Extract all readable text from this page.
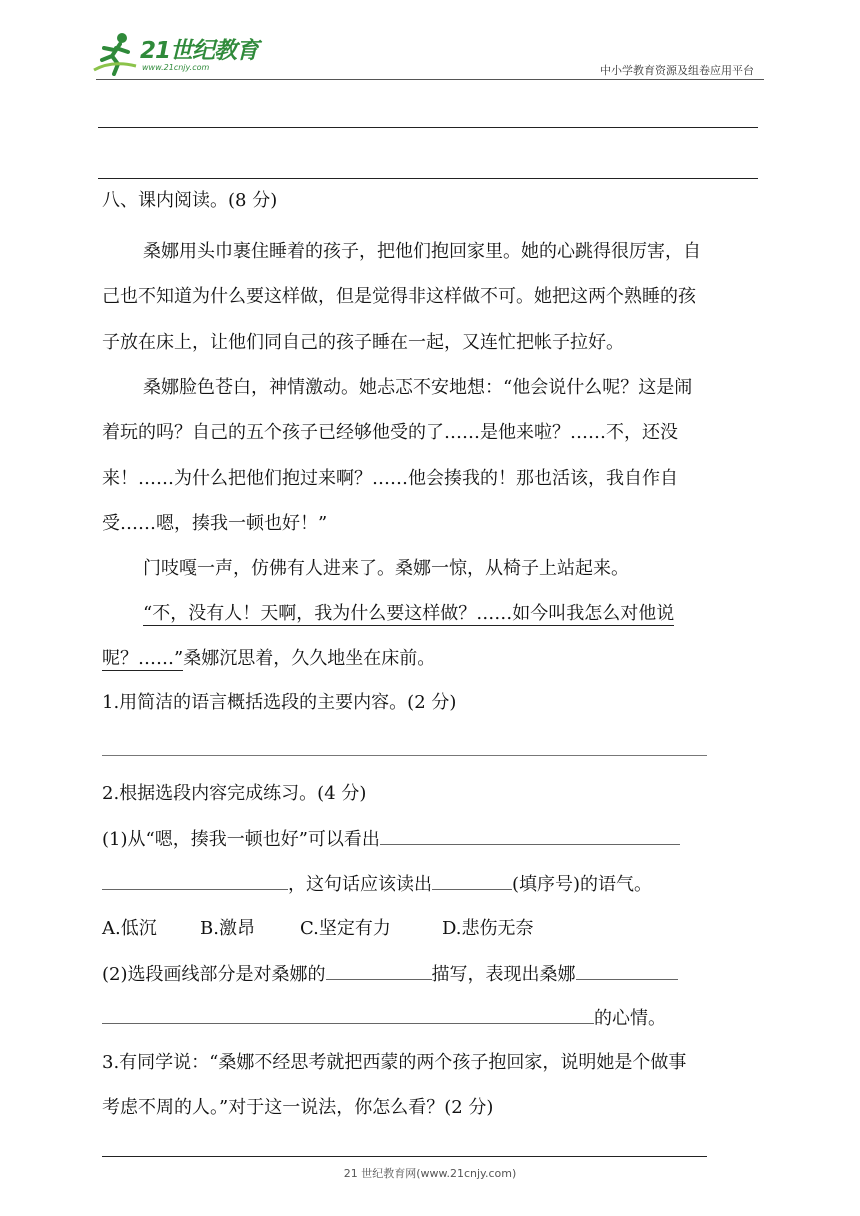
21世纪教育
www.21cnjy.com	中小学教育资源及组卷应用平台
八、课内阅读。(8 分)
桑娜用头巾裹住睡着的孩子，把他们抱回家里。她的心跳得很厉害，自
己也不知道为什么要这样做，但是觉得非这样做不可。她把这两个熟睡的孩
子放在床上，让他们同自己的孩子睡在一起，又连忙把帐子拉好。
桑娜脸色苍白，神情激动。她忐忑不安地想：“他会说什么呢？这是闹
着玩的吗？自己的五个孩子已经够他受的了……是他来啦？……不，还没
来！……为什么把他们抱过来啊？……他会揍我的！那也活该，我自作自
受……嗯，揍我一顿也好！”
门吱嘎一声，仿佛有人进来了。桑娜一惊，从椅子上站起来。
“不，没有人！天啊，我为什么要这样做？……如今叫我怎么对他说
呢？……”桑娜沉思着，久久地坐在床前。
1.用简洁的语言概括选段的主要内容。(2 分)
2.根据选段内容完成练习。(4 分)
(1)从“嗯，揍我一顿也好”可以看出
，这句话应该读出	(填序号)的语气。
A.低沉 B.激昂	C.坚定有力	D.悲伤无奈
(2)选段画线部分是对桑娜的	描写，表现出桑娜
的心情。
3.有同学说：“桑娜不经思考就把西蒙的两个孩子抱回家，说明她是个做事
考虑不周的人。”对于这一说法，你怎么看？(2 分)
21 世纪教育网(www.21cnjy.com)
